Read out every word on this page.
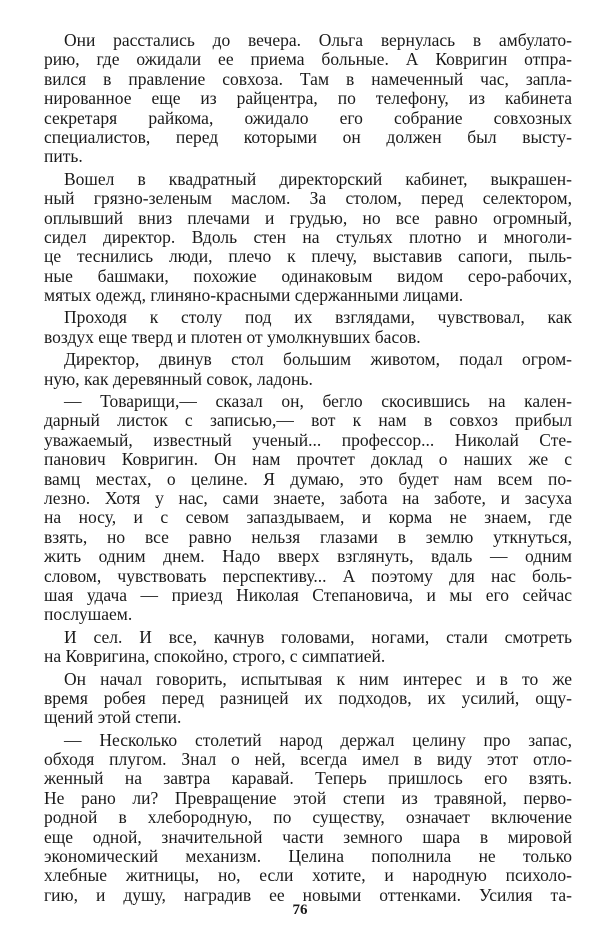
Они расстались до вечера. Ольга вернулась в амбулато-
рию, где ожидали ее приема больные. А Ковригин отпра-
вился в правление совхоза. Там в намеченный час, запла-
нированное еще из райцентра, по телефону, из кабинета
секретаря райкома, ожидало его собрание совхозных
специалистов, перед которыми он должен был высту-
пить.
Вошел в квадратный директорский кабинет, выкрашен-
ный грязно-зеленым маслом. За столом, перед селектором,
оплывший вниз плечами и грудью, но все равно огромный,
сидел директор. Вдоль стен на стульях плотно и многоли-
це теснились люди, плечо к плечу, выставив сапоги, пыль-
ные башмаки, похожие одинаковым видом серо-рабочих,
мятых одежд, глиняно-красными сдержанными лицами.
Проходя к столу под их взглядами, чувствовал, как
воздух еще тверд и плотен от умолкнувших басов.
Директор, двинув стол большим животом, подал огром-
ную, как деревянный совок, ладонь.
— Товарищи,— сказал он, бегло скосившись на кален-
дарный листок с записью,— вот к нам в совхоз прибыл
уважаемый, известный ученый... профессор... Николай Сте-
панович Ковригин. Он нам прочтет доклад о наших же с
вамц местах, о целине. Я думаю, это будет нам всем по-
лезно. Хотя у нас, сами знаете, забота на заботе, и засуха
на носу, и с севом запаздываем, и корма не знаем, где
взять, но все равно нельзя глазами в землю уткнуться,
жить одним днем. Надо вверх взглянуть, вдаль — одним
словом, чувствовать перспективу... А поэтому для нас боль-
шая удача — приезд Николая Степановича, и мы его сейчас
послушаем.
И сел. И все, качнув головами, ногами, стали смотреть
на Ковригина, спокойно, строго, с симпатией.
Он начал говорить, испытывая к ним интерес и в то же
время робея перед разницей их подходов, их усилий, ощу-
щений этой степи.
— Несколько столетий народ держал целину про запас,
обходя плугом. Знал о ней, всегда имел в виду этот отло-
женный на завтра каравай. Теперь пришлось его взять.
Не рано ли? Превращение этой степи из травяной, перво-
родной в хлебородную, по существу, означает включение
еще одной, значительной части земного шара в мировой
экономический механизм. Целина пополнила не только
хлебные житницы, но, если хотите, и народную психоло-
гию, и душу, наградив ее новыми оттенками. Усилия та-
76
